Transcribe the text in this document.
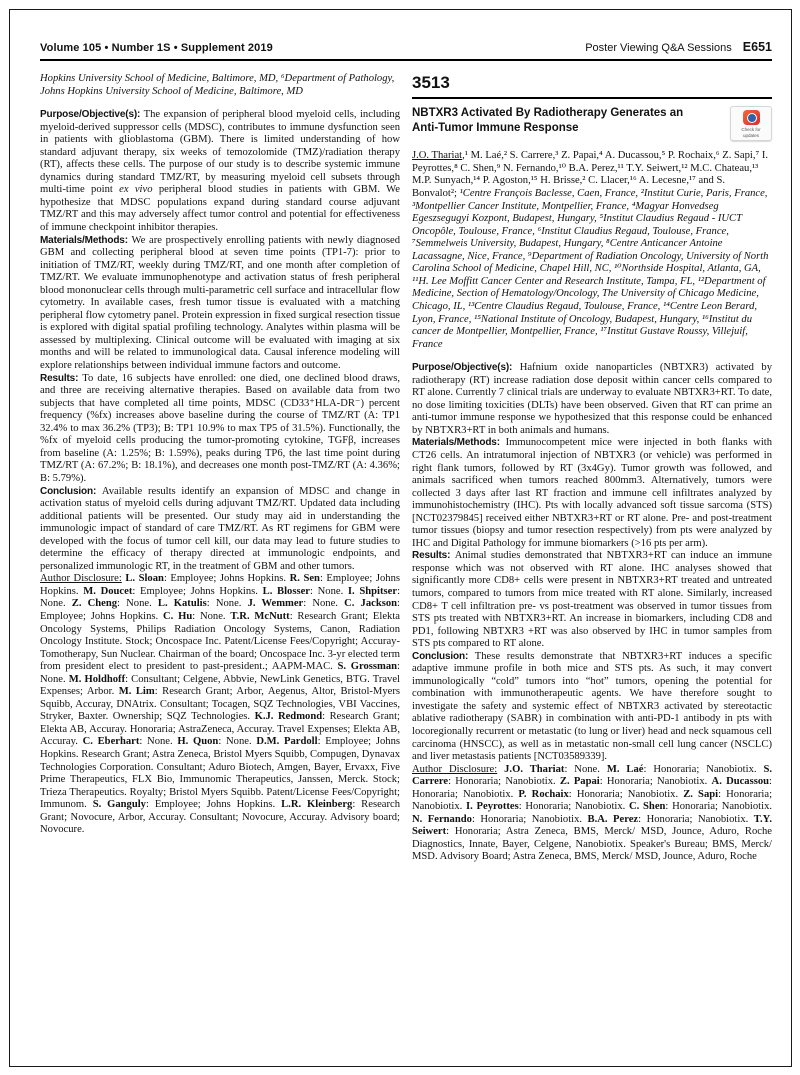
Volume 105 • Number 1S • Supplement 2019	Poster Viewing Q&A Sessions E651

Hopkins University School of Medicine, Baltimore, MD, ⁶Department of Pathology, Johns Hopkins University School of Medicine, Baltimore, MD

Purpose/Objective(s): The expansion of peripheral blood myeloid cells, including myeloid-derived suppressor cells (MDSC), contributes to immune dysfunction seen in patients with glioblastoma (GBM). There is limited understanding of how standard adjuvant therapy, six weeks of temozolomide (TMZ)/radiation therapy (RT), affects these cells. The purpose of our study is to describe systemic immune dynamics during standard TMZ/RT, by measuring myeloid cell subsets through multi-time point ex vivo peripheral blood studies in patients with GBM. We hypothesize that MDSC populations expand during standard course adjuvant TMZ/RT and this may adversely affect tumor control and potential for effectiveness of immune checkpoint inhibitor therapies.

Materials/Methods: We are prospectively enrolling patients with newly diagnosed GBM and collecting peripheral blood at seven time points (TP1-7): prior to initiation of TMZ/RT, weekly during TMZ/RT, and one month after completion of TMZ/RT. We evaluate immunophenotype and activation status of fresh peripheral blood mononuclear cells through multi-parametric cell surface and intracellular flow cytometry. In available cases, fresh tumor tissue is evaluated with a matching peripheral flow cytometry panel. Protein expression in fixed surgical resection tissue is explored with digital spatial profiling technology. Analytes within plasma will be assessed by multiplexing. Clinical outcome will be evaluated with imaging at six months and will be related to immunological data. Causal inference modeling will explore relationships between individual immune factors and outcome.

Results: To date, 16 subjects have enrolled: one died, one declined blood draws, and three are receiving alternative therapies. Based on available data from two subjects that have completed all time points, MDSC (CD33⁺HLA-DR⁻) percent frequency (%fx) increases above baseline during the course of TMZ/RT (A: TP1 32.4% to max 36.2% (TP3); B: TP1 10.9% to max TP5 of 31.5%). Functionally, the %fx of myeloid cells producing the tumor-promoting cytokine, TGFβ, increases from baseline (A: 1.25%; B: 1.59%), peaks during TP6, the last time point during TMZ/RT (A: 67.2%; B: 18.1%), and decreases one month post-TMZ/RT (A: 4.36%; B: 5.79%).

Conclusion: Available results identify an expansion of MDSC and change in activation status of myeloid cells during adjuvant TMZ/RT. Updated data including additional patients will be presented. Our study may aid in understanding the immunologic impact of standard of care TMZ/RT. As RT regimens for GBM were developed with the focus of tumor cell kill, our data may lead to future studies to determine the efficacy of therapy directed at immunologic endpoints, and personalized immunologic RT, in the treatment of GBM and other tumors.

Author Disclosure: L. Sloan: Employee; Johns Hopkins. R. Sen: Employee; Johns Hopkins. M. Doucet: Employee; Johns Hopkins. L. Blosser: None. I. Shpitser: None. Z. Cheng: None. L. Katulis: None. J. Wemmer: None. C. Jackson: Employee; Johns Hopkins. C. Hu: None. T.R. McNutt: Research Grant; Elekta Oncology Systems, Philips Radiation Oncology Systems, Canon, Radiation Oncology Institute. Stock; Oncospace Inc. Patent/License Fees/Copyright; Accuray-Tomotherapy, Sun Nuclear. Chairman of the board; Oncospace Inc. 3-yr elected term from president elect to president to past-president.; AAPM-MAC. S. Grossman: None. M. Holdhoff: Consultant; Celgene, Abbvie, NewLink Genetics, BTG. Travel Expenses; Arbor. M. Lim: Research Grant; Arbor, Aegenus, Altor, Bristol-Myers Squibb, Accuray, DNAtrix. Consultant; Tocagen, SQZ Technologies, VBI Vaccines, Stryker, Baxter. Ownership; SQZ Technologies. K.J. Redmond: Research Grant; Elekta AB, Accuray. Honoraria; AstraZeneca, Accuray. Travel Expenses; Elekta AB, Accuray. C. Eberhart: None. H. Quon: None. D.M. Pardoll: Employee; Johns Hopkins. Research Grant; Astra Zeneca, Bristol Myers Squibb, Compugen, Dynavax Technologies Corporation. Consultant; Aduro Biotech, Amgen, Bayer, Ervaxx, Five Prime Therapeutics, FLX Bio, Immunomic Therapeutics, Janssen, Merck. Stock; Trieza Therapeutics. Royalty; Bristol Myers Squibb. Patent/License Fees/Copyright; Immunom. S. Ganguly: Employee; Johns Hopkins. L.R. Kleinberg: Research Grant; Novocure, Arbor, Accuray. Consultant; Novocure, Accuray. Advisory board; Novocure.

3513
NBTXR3 Activated By Radiotherapy Generates an Anti-Tumor Immune Response	Check for updates

J.O. Thariat,¹ M. Laé,² S. Carrere,³ Z. Papai,⁴ A. Ducassou,⁵ P. Rochaix,⁶ Z. Sapi,⁷ I. Peyrottes,⁸ C. Shen,⁹ N. Fernando,¹⁰ B.A. Perez,¹¹ T.Y. Seiwert,¹² M.C. Chateau,¹³ M.P. Sunyach,¹⁴ P. Agoston,¹⁵ H. Brisse,² C. Llacer,¹⁶ A. Lecesne,¹⁷ and S. Bonvalot²; ¹Centre François Baclesse, Caen, France, ²Institut Curie, Paris, France, ³Montpellier Cancer Institute, Montpellier, France, ⁴Magyar Honvedseg Egeszsegugyi Kozpont, Budapest, Hungary, ⁵Institut Claudius Regaud - IUCT Oncopôle, Toulouse, France, ⁶Institut Claudius Regaud, Toulouse, France, ⁷Semmelweis University, Budapest, Hungary, ⁸Centre Anticancer Antoine Lacassagne, Nice, France, ⁹Department of Radiation Oncology, University of North Carolina School of Medicine, Chapel Hill, NC, ¹⁰Northside Hospital, Atlanta, GA, ¹¹H. Lee Moffitt Cancer Center and Research Institute, Tampa, FL, ¹²Department of Medicine, Section of Hematology/Oncology, The University of Chicago Medicine, Chicago, IL, ¹³Centre Claudius Regaud, Toulouse, France, ¹⁴Centre Leon Berard, Lyon, France, ¹⁵National Institute of Oncology, Budapest, Hungary, ¹⁶Institut du cancer de Montpellier, Montpellier, France, ¹⁷Institut Gustave Roussy, Villejuif, France

Purpose/Objective(s): Hafnium oxide nanoparticles (NBTXR3) activated by radiotherapy (RT) increase radiation dose deposit within cancer cells compared to RT alone. Currently 7 clinical trials are underway to evaluate NBTXR3+RT. To date, no dose limiting toxicities (DLTs) have been observed. Given that RT can prime an anti-tumor immune response we hypothesized that this response could be enhanced by NBTXR3+RT in both animals and humans.

Materials/Methods: Immunocompetent mice were injected in both flanks with CT26 cells. An intratumoral injection of NBTXR3 (or vehicle) was performed in right flank tumors, followed by RT (3x4Gy). Tumor growth was followed, and animals sacrificed when tumors reached 800mm3. Alternatively, tumors were collected 3 days after last RT fraction and immune cell infiltrates analyzed by immunohistochemistry (IHC). Pts with locally advanced soft tissue sarcoma (STS) [NCT02379845] received either NBTXR3+RT or RT alone. Pre- and post-treatment tumor tissues (biopsy and tumor resection respectively) from pts were analyzed by IHC and Digital Pathology for immune biomarkers (>16 pts per arm).

Results: Animal studies demonstrated that NBTXR3+RT can induce an immune response which was not observed with RT alone. IHC analyses showed that significantly more CD8+ cells were present in NBTXR3+RT treated and untreated tumors, compared to tumors from mice treated with RT alone. Similarly, increased CD8+ T cell infiltration pre- vs post-treatment was observed in tumor tissues from STS pts treated with NBTXR3+RT. An increase in biomarkers, including CD8 and PD1, following NBTXR3 +RT was also observed by IHC in tumor samples from STS pts compared to RT alone.

Conclusion: These results demonstrate that NBTXR3+RT induces a specific adaptive immune profile in both mice and STS pts. As such, it may convert immunologically “cold” tumors into “hot” tumors, opening the potential for combination with immunotherapeutic agents. We have therefore sought to investigate the safety and systemic effect of NBTXR3 activated by stereotactic ablative radiotherapy (SABR) in combination with anti-PD-1 antibody in pts with locoregionally recurrent or metastatic (to lung or liver) head and neck squamous cell carcinoma (HNSCC), as well as in metastatic non-small cell lung cancer (NSCLC) and liver metastasis patients [NCT03589339].

Author Disclosure: J.O. Thariat: None. M. Laé: Honoraria; Nanobiotix. S. Carrere: Honoraria; Nanobiotix. Z. Papai: Honoraria; Nanobiotix. A. Ducassou: Honoraria; Nanobiotix. P. Rochaix: Honoraria; Nanobiotix. Z. Sapi: Honoraria; Nanobiotix. I. Peyrottes: Honoraria; Nanobiotix. C. Shen: Honoraria; Nanobiotix. N. Fernando: Honoraria; Nanobiotix. B.A. Perez: Honoraria; Nanobiotix. T.Y. Seiwert: Honoraria; Astra Zeneca, BMS, Merck/ MSD, Jounce, Aduro, Roche Diagnostics, Innate, Bayer, Celgene, Nanobiotix. Speaker's Bureau; BMS, Merck/ MSD. Advisory Board; Astra Zeneca, BMS, Merck/ MSD, Jounce, Aduro, Roche
